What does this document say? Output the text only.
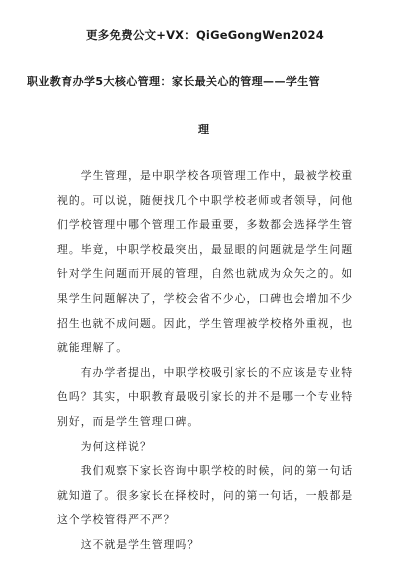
更多免费公文+VX：QiGeGongWen2024
职业教育办学5大核心管理：家长最关心的管理——学生管
理

学生管理，是中职学校各项管理工作中，最被学校重
视的。可以说，随便找几个中职学校老师或者领导，问他
们学校管理中哪个管理工作最重要，多数都会选择学生管
理。毕竟，中职学校最突出，最显眼的问题就是学生问题
针对学生问题而开展的管理，自然也就成为众矢之的。如
果学生问题解决了，学校会省不少心，口碑也会增加不少
招生也就不成问题。因此，学生管理被学校格外重视，也
就能理解了。

有办学者提出，中职学校吸引家长的不应该是专业特
色吗？其实，中职教育最吸引家长的并不是哪一个专业特
别好，而是学生管理口碑。

为何这样说？

我们观察下家长咨询中职学校的时候，问的第一句话
就知道了。很多家长在择校时，问的第一句话，一般都是
这个学校管得严不严？

这不就是学生管理吗？
